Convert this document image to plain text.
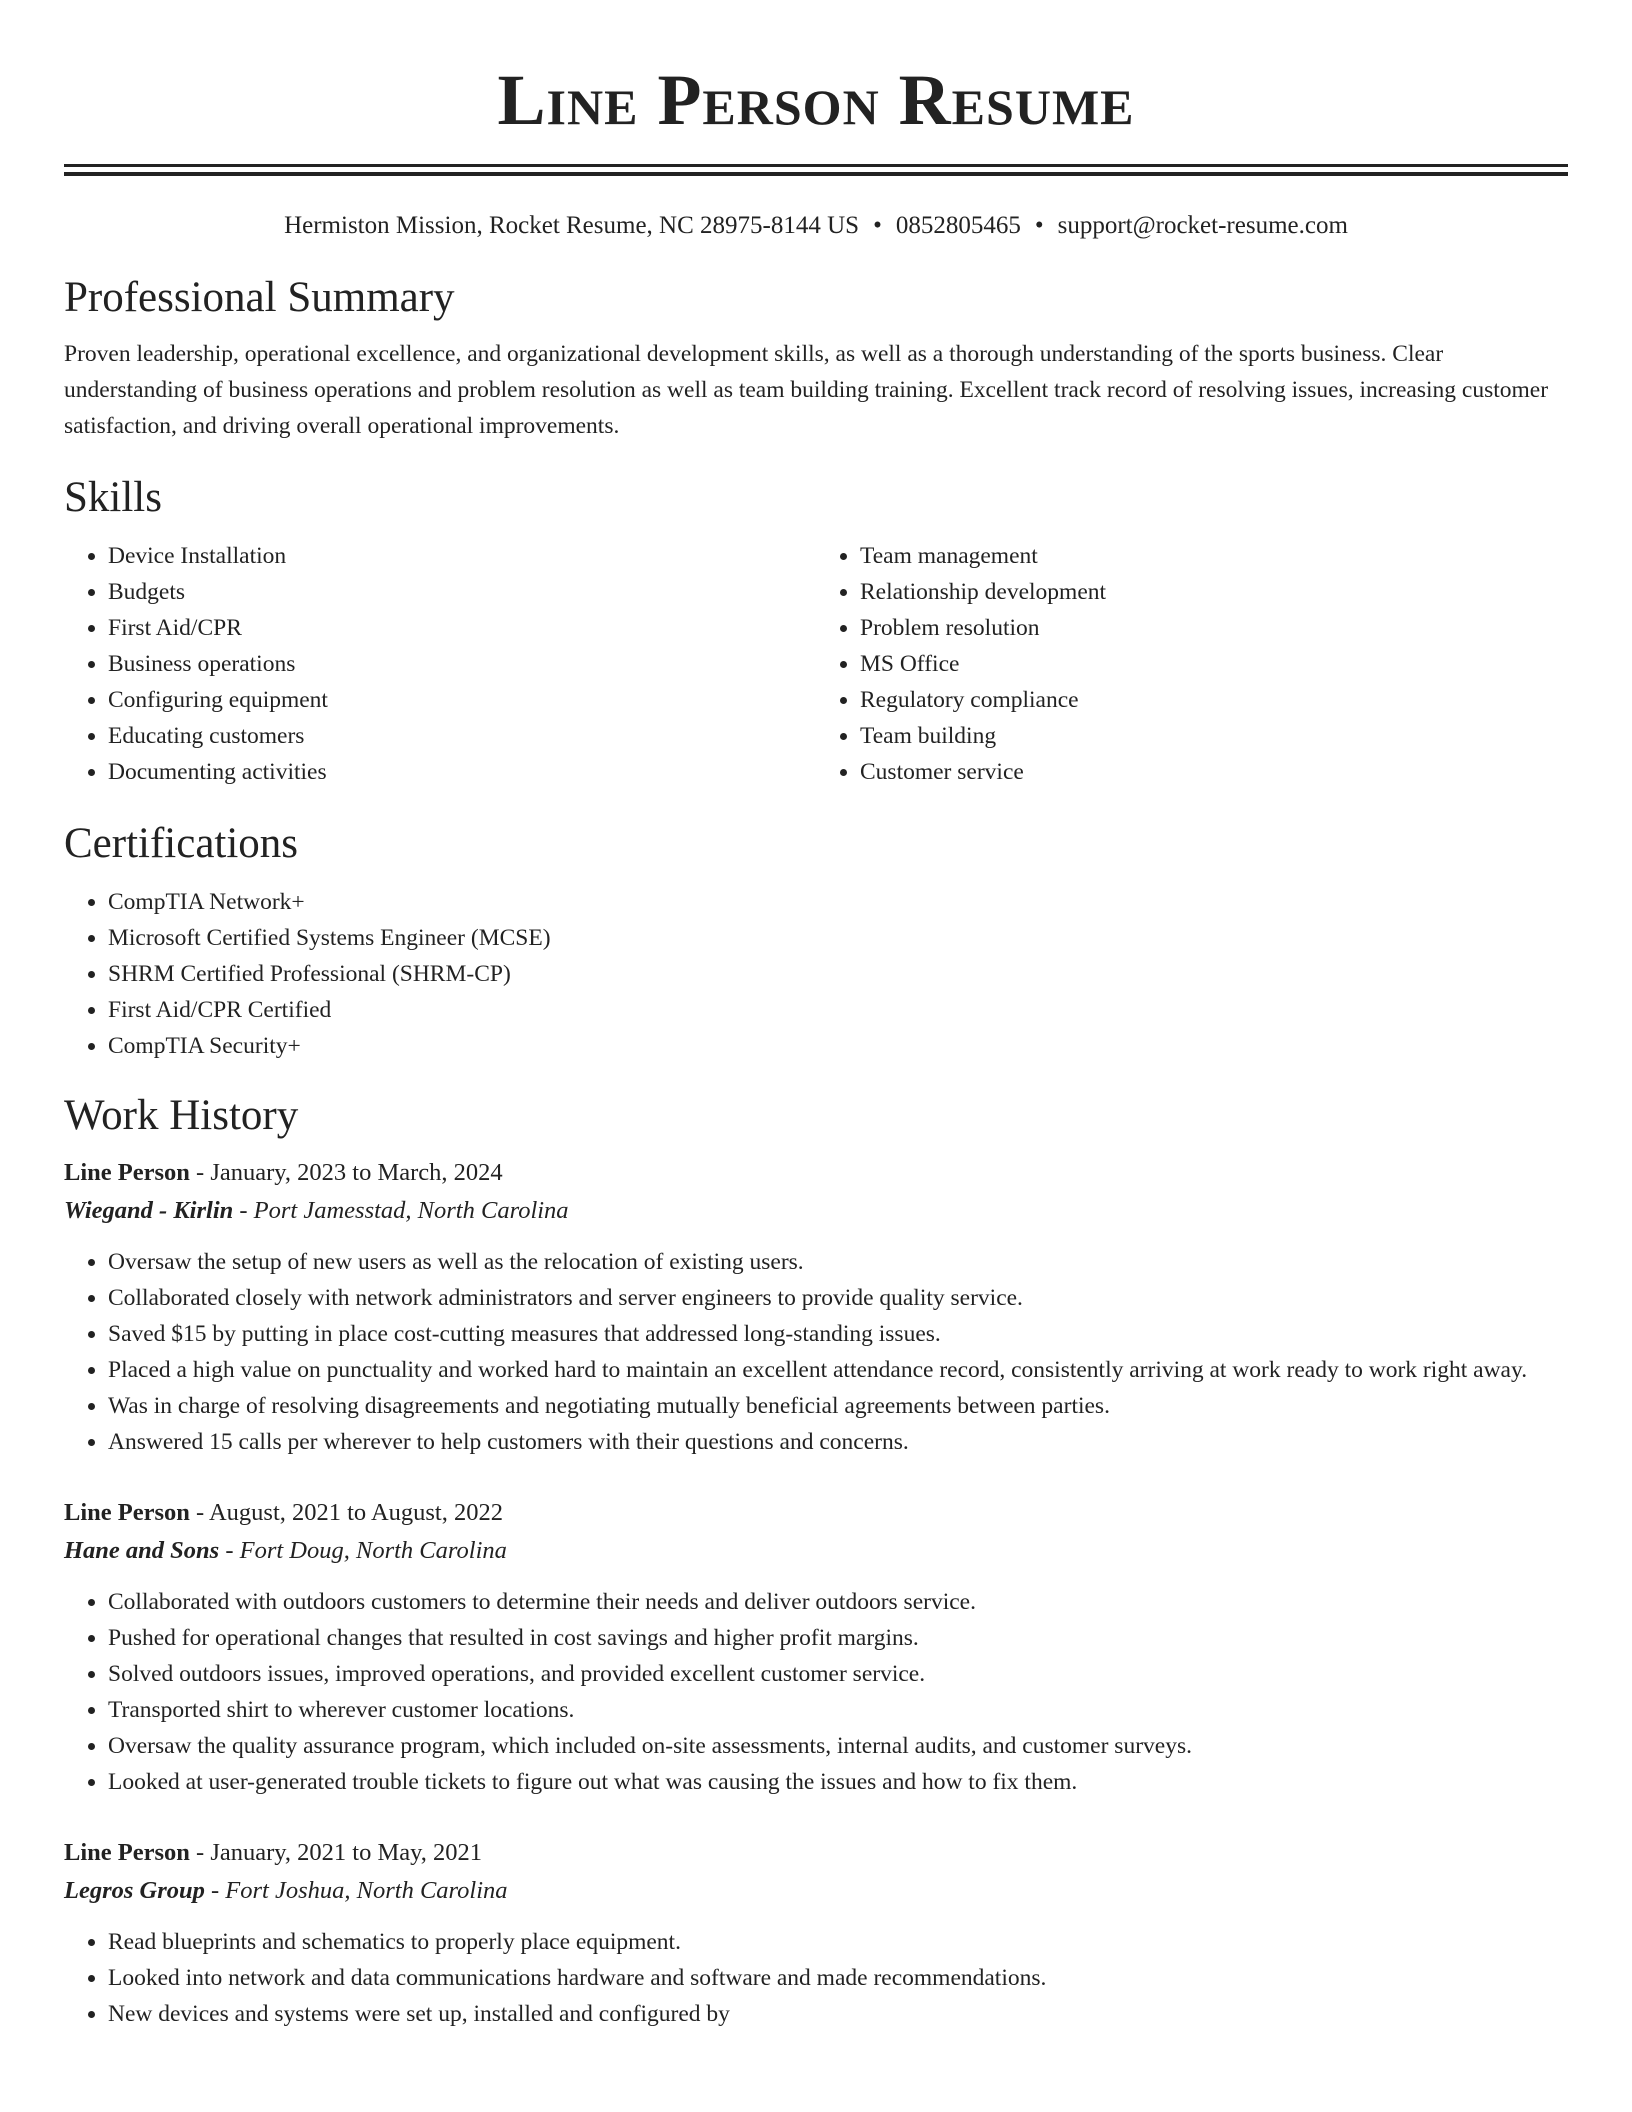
Line Person Resume
Hermiston Mission, Rocket Resume, NC 28975-8144 US • 0852805465 • support@rocket-resume.com
Professional Summary

Proven leadership, operational excellence, and organizational development skills, as well as a thorough understanding of the sports business. Clear understanding of business operations and problem resolution as well as team building training. Excellent track record of resolving issues, increasing customer satisfaction, and driving overall operational improvements.

Skills
• Device Installation
• Budgets
• First Aid/CPR
• Business operations
• Configuring equipment
• Educating customers
• Documenting activities
• Team management
• Relationship development
• Problem resolution
• MS Office
• Regulatory compliance
• Team building
• Customer service
Certifications
• CompTIA Network+
• Microsoft Certified Systems Engineer (MCSE)
• SHRM Certified Professional (SHRM-CP)
• First Aid/CPR Certified
• CompTIA Security+
Work History
Line Person - January, 2023 to March, 2024
Wiegand - Kirlin - Port Jamesstad, North Carolina
• Oversaw the setup of new users as well as the relocation of existing users.
• Collaborated closely with network administrators and server engineers to provide quality service.
• Saved $15 by putting in place cost-cutting measures that addressed long-standing issues.
• Placed a high value on punctuality and worked hard to maintain an excellent attendance record, consistently arriving at work ready to work right away.
• Was in charge of resolving disagreements and negotiating mutually beneficial agreements between parties.
• Answered 15 calls per wherever to help customers with their questions and concerns.
Line Person - August, 2021 to August, 2022
Hane and Sons - Fort Doug, North Carolina
• Collaborated with outdoors customers to determine their needs and deliver outdoors service.
• Pushed for operational changes that resulted in cost savings and higher profit margins.
• Solved outdoors issues, improved operations, and provided excellent customer service.
• Transported shirt to wherever customer locations.
• Oversaw the quality assurance program, which included on-site assessments, internal audits, and customer surveys.
• Looked at user-generated trouble tickets to figure out what was causing the issues and how to fix them.
Line Person - January, 2021 to May, 2021
Legros Group - Fort Joshua, North Carolina
• Read blueprints and schematics to properly place equipment.
• Looked into network and data communications hardware and software and made recommendations.
• New devices and systems were set up, installed and configured by
